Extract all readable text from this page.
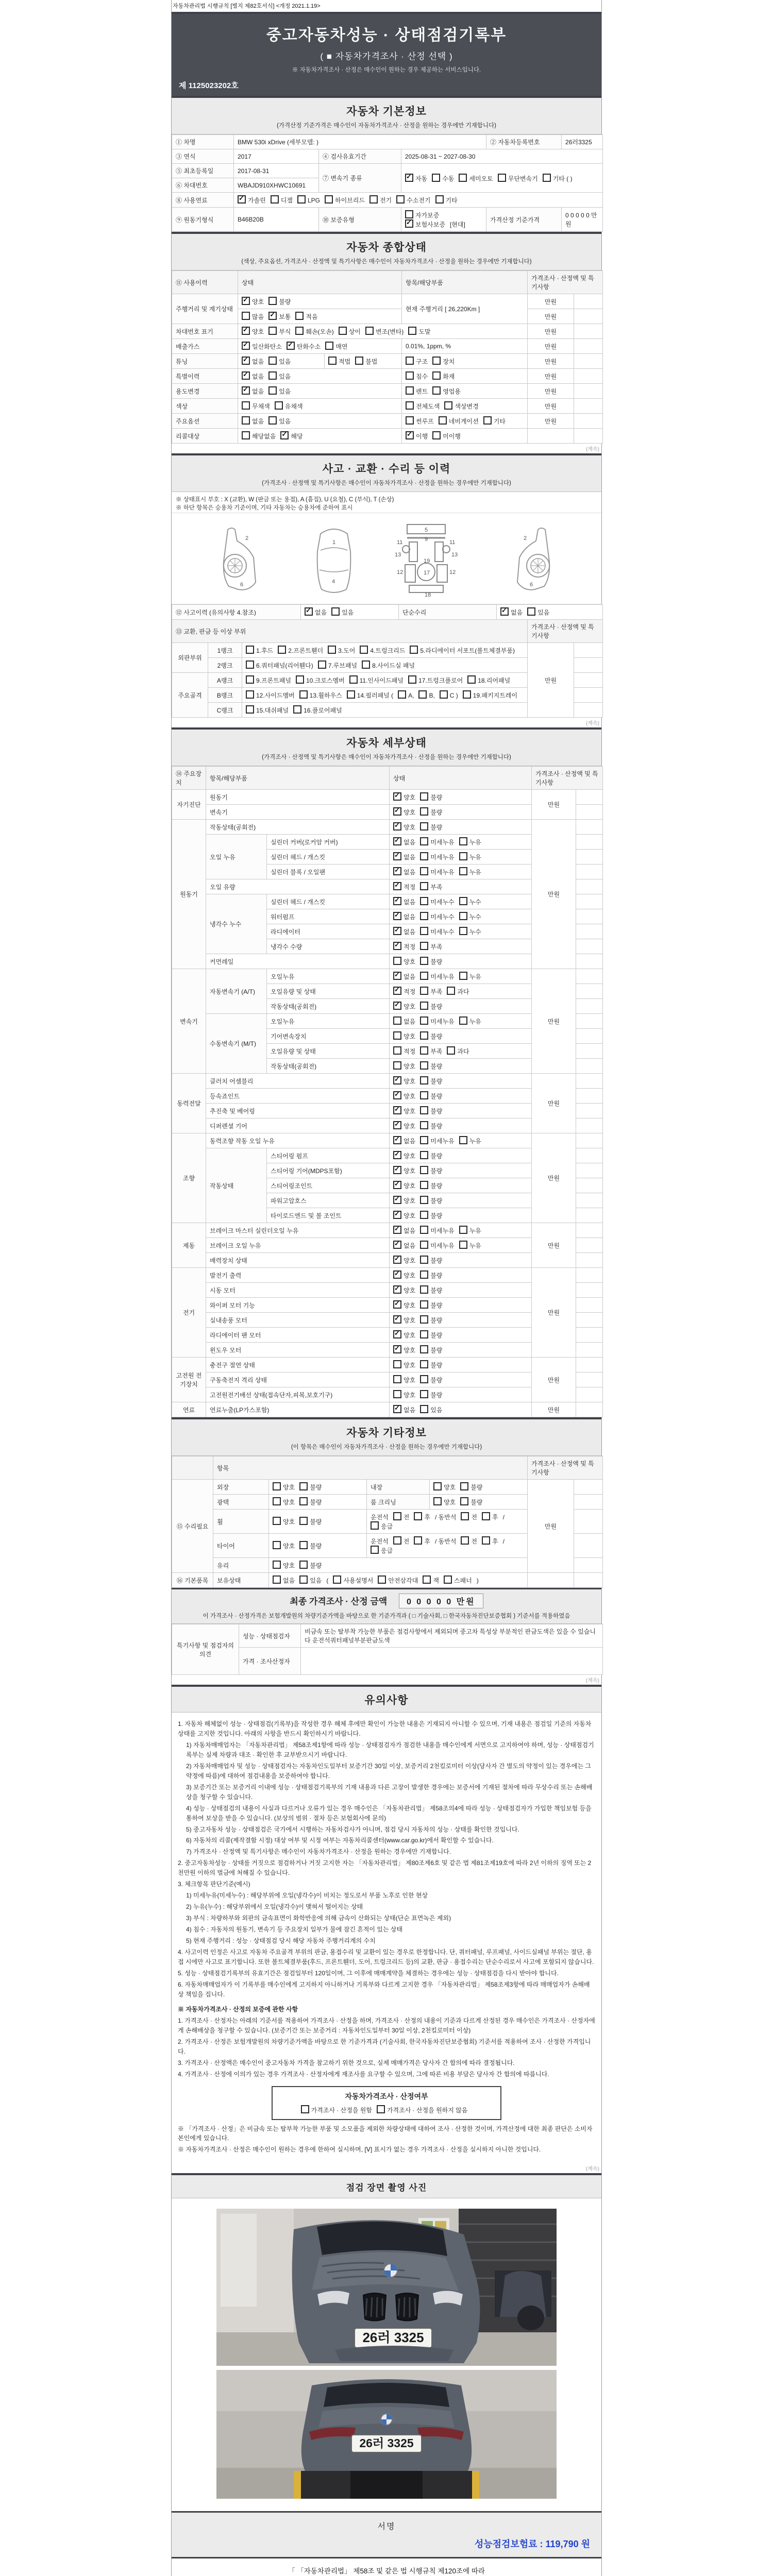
자동차관리법 시행규칙 [별지 제82호서식] <개정 2021.1.19>
중고자동차성능 · 상태점검기록부
( ■ 자동차가격조사 · 산정 선택 )
※ 자동차가격조사 · 산정은 매수인이 원하는 경우 제공하는 서비스입니다.
제 1125023202호
자동차 기본정보
(가격산정 기준가격은 매수인이 자동차가격조사 · 산정을 원하는 경우에만 기재합니다)
① 차명	BMW 530i xDrive (세부모델: )			② 자동차등록번호	26러3325
③ 연식	2017	④ 검사유효기간	2025-08-31 ~ 2027-08-30		
⑤ 최초등록일	2017-08-31	⑦ 변속기 종류	✓자동 수동 세미오토 무단변속기 기타 ( )
⑥ 차대번호	WBAJD910XHWC10691				
⑧ 사용연료	✓가솔린 디젤 LPG 하이브리드 전기 수소전기 기타
⑨ 원동기형식	B46B20B	⑩ 보증유형	자가보증✓보험사보증 [현대]	가격산정 기준가격	0 0 0 0 0 만원
자동차 종합상태
(색상, 주요옵션, 가격조사 · 산정액 및 특기사항은 매수인이 자동차가격조사 · 산정을 원하는 경우에만 기재합니다)
⑪ 사용이력	상태		항목/해당부품	가격조사 · 산정액 및 특기사항	
주행거리 및 계기상태	✓양호 불량		현재 주행거리 [ 26,220Km ]	만원	
	많음 ✓ 보통 적음			만원	
차대번호 표기	✓양호 부식 훼손(오손) 상이 변조(변타) 도말			만원	
배출가스	✓일산화탄소 ✓ 탄화수소 매연		0.01%, 1ppm, %	만원	
튜닝	✓없음 있음	적법 불법	구조 장치	만원	
특별이력	✓없음 있음		침수 화재	만원	
용도변경	✓없음 있음		렌트 영업용	만원	
색상	무채색 유채색		전체도색 색상변경	만원	
주요옵션	없음 있음		썬루프 네비게이션 기타	만원	
리콜대상	해당없음 ✓ 해당	✓이행 미이행		
(계속)
사고 · 교환 · 수리 등 이력
(가격조사 · 산정액 및 특기사항은 매수인이 자동차가격조사 · 산정을 원하는 경우에만 기재합니다)
※ 상태표시 부호 : X (교환), W (판금 또는 용접), A (흠집), U (요철), C (부식), T (손상)
※ 하단 항목은 승용차 기준이며, 기타 자동차는 승용차에 준하여 표시
2
6
1
4
5
9
11	11
13	13
12	12
17
18
19
2
6
⑫ 사고이력 (유의사항 4.참조)	✓없음 있음	단순수리	✓없음 있음
⑬ 교환, 판금 등 이상 부위			가격조사 · 산정액 및 특기사항	
외판부위	1랭크	1.후드 2.프론트휀더 3.도어 4.트렁크리드 5.라디에이터 서포트(볼트체결부품)	만원	
	2랭크	6.쿼터패널(리어휀다) 7.루브패널 8.사이드실 패널		
주요골격	A랭크	9.프론트패널 10.크로스멤버 11.인사이드패널 17.트렁크플로어 18.리어패널		
	B랭크	12.사이드멤버 13.휠하우스 14.필러패널 ( A, B, C ) 19.패키지트레이		
	C랭크	15.대쉬패널 16.플로어패널		
(계속)
자동차 세부상태
(가격조사 · 산정액 및 특기사항은 매수인이 자동차가격조사 · 산정을 원하는 경우에만 기재합니다)
⑭ 주요장치	항목/해당부품		상태	가격조사 · 산정액 및 특기사항	
자기진단	원동기	✓양호 불량	만원	
	변속기	✓양호 불량	
원동기	작동상태(공회전)	✓양호 불량	만원	
	오일 누유	실린더 커버(로커암 커버)	✓없음 미세누유 누유	
		실린더 헤드 / 개스킷	✓없음 미세누유 누유	
		실린더 블록 / 오일팬	✓없음 미세누유 누유	
	오일 유량	✓적정 부족	
	냉각수 누수	실린더 헤드 / 개스킷	✓없음 미세누수 누수	
		워터펌프	✓없음 미세누수 누수	
		라디에이터	✓없음 미세누수 누수	
		냉각수 수량	✓적정 부족	
	커먼레일		양호 불량		
변속기	자동변속기 (A/T)	오일누유	✓없음 미세누유 누유	만원	
		오일유량 및 상태	✓적정 부족 과다	
		작동상태(공회전)	✓양호 불량	
	수동변속기 (M/T)	오일누유	없음 미세누유 누유		
		기어변속장치	양호 불량		
		오일유량 및 상태	적정 부족 과다		
		작동상태(공회전)	양호 불량		
동력전달	클러치 어셈블리	✓양호 불량	만원	
	등속죠인트	✓양호 불량	
	추진축 및 베어링	✓양호 불량	
	디퍼렌셜 기어	✓양호 불량	
조향	동력조향 작동 오일 누유	✓없음 미세누유 누유	만원	
	작동상태	스티어링 펌프	✓양호 불량	
		스티어링 기어(MDPS포함)	✓양호 불량	
		스티어링조인트	✓양호 불량	
		파워고압호스	✓양호 불량	
		타이로드엔드 및 볼 조인트	✓양호 불량	
제동	브레이크 마스터 실린더오일 누유	✓없음 미세누유 누유	만원	
	브레이크 오일 누유	✓없음 미세누유 누유	
	배력장치 상태	✓양호 불량	
전기	발전기 출력	✓양호 불량	만원	
	시동 모터	✓양호 불량	
	와이퍼 모터 기능	✓양호 불량	
	실내송풍 모터	✓양호 불량	
	라디에이터 팬 모터	✓양호 불량	
	윈도우 모터	✓양호 불량	
고전원 전기장치	충전구 절연 상태		양호 불량	만원	
	구동축전지 격리 상태		양호 불량		
	고전원전기배선 상태(접속단자,피복,보호기구)		양호 불량		
연료	연료누출(LP가스포함)	✓없음 있음	만원	
자동차 기타정보
(이 항목은 매수인이 자동차가격조사 · 산정을 원하는 경우에만 기재합니다)
	항목				가격조사 · 산정액 및 특기사항	
⑮ 수리필요	외장	양호 불량	내장	양호 불량	만원	
	광택	양호 불량	룸 크리닝	양호 불량		
	휠	양호 불량	운전석 전 후 / 동반석 전 후 /응급			
	타이어	양호 불량	운전석 전 후 / 동반석 전 후 /응급			
	유리	양호 불량				
⑯ 기본품목	보유상태	없음 있음 ( 사용설명서 안전삼각대 잭 스패너 )				
최종 가격조사 · 산정 금액 0 0 0 0 0 만원
이 가격조사 · 산정가격은 보험개발원의 차량기준가액을 바탕으로 한 기준가격과 ( □ 기술사회, □ 한국자동차진단보증협회 ) 기준서를 적용하였음
특기사항 및 점검자의 의견	성능 · 상태점검자	비금속 또는 탈부착 가능한 부품은 점검사항에서 제외되며 중고차 특성상 부분적인 판금도색은 있을 수 있습니다 운전석쿼터패널부분판금도색
	가격 · 조사산정자	
(계속)
유의사항
1. 자동차 해체없이 성능 · 상태점검(기록부)을 작성한 경우 해체 후에만 확인이 가능한 내용은 기재되지 아니할 수 있으며, 기재 내용은 점검일 기준의 자동차 상태를 고지한 것입니다. 아래의 사항을 반드시 확인하시기 바랍니다.
1) 자동차매매업자는 「자동차관리법」 제58조제1항에 따라 성능 · 상태점검자가 점검한 내용을 매수인에게 서면으로 고지하여야 하며, 성능 · 상태점검기록부는 실제 차량과 대조 · 확인한 후 교부받으시기 바랍니다.
2) 자동차매매업자 및 성능 · 상태점검자는 자동차인도일부터 보증기간 30일 이상, 보증거리 2천킬로미터 이상(당사자 간 별도의 약정이 있는 경우에는 그 약정에 따름)에 대하여 점검내용을 보증하여야 합니다.
3) 보증기간 또는 보증거리 이내에 성능 · 상태점검기록부의 기재 내용과 다른 고장이 발생한 경우에는 보증서에 기재된 절차에 따라 무상수리 또는 손해배상을 청구할 수 있습니다.
4) 성능 · 상태점검의 내용이 사실과 다르거나 오류가 있는 경우 매수인은 「자동차관리법」 제58조의4에 따라 성능 · 상태점검자가 가입한 책임보험 등을 통하여 보상을 받을 수 있습니다. (보상의 범위 · 절차 등은 보험회사에 문의)
5) 중고자동차 성능 · 상태점검은 국가에서 시행하는 자동차검사가 아니며, 점검 당시 자동차의 성능 · 상태를 확인한 것입니다.
6) 자동차의 리콜(제작결함 시정) 대상 여부 및 시정 여부는 자동차리콜센터(www.car.go.kr)에서 확인할 수 있습니다.
7) 가격조사 · 산정액 및 특기사항은 매수인이 자동차가격조사 · 산정을 원하는 경우에만 기재합니다.
2. 중고자동차성능 · 상태를 거짓으로 점검하거나 거짓 고지한 자는 「자동차관리법」 제80조제6호 및 같은 법 제81조제19호에 따라 2년 이하의 징역 또는 2천만원 이하의 벌금에 처해질 수 있습니다.
3. 체크항목 판단기준(예시)
1) 미세누유(미세누수) : 해당부위에 오일(냉각수)이 비치는 정도로서 부품 노후로 인한 현상
2) 누유(누수) : 해당부위에서 오일(냉각수)이 맺혀서 떨어지는 상태
3) 부식 : 차량하부와 외판의 금속표면이 화학반응에 의해 금속이 산화되는 상태(단순 표면녹은 제외)
4) 침수 : 자동차의 원동기, 변속기 등 주요장치 일부가 물에 잠긴 흔적이 있는 상태
5) 현재 주행거리 : 성능 · 상태점검 당시 해당 자동차 주행거리계의 수치
4. 사고이력 인정은 사고로 자동차 주요골격 부위의 판금, 용접수리 및 교환이 있는 경우로 한정합니다. 단, 쿼터패널, 루프패널, 사이드실패널 부위는 절단, 용접 시에만 사고로 표기합니다. 또한 볼트체결부품(후드, 프론트휀더, 도어, 트렁크리드 등)의 교환, 판금 · 용접수리는 단순수리로서 사고에 포함되지 않습니다.
5. 성능 · 상태점검기록부의 유효기간은 점검일부터 120일이며, 그 이후에 매매계약을 체결하는 경우에는 성능 · 상태점검을 다시 받아야 합니다.
6. 자동차매매업자가 이 기록부를 매수인에게 고지하지 아니하거나 기록부와 다르게 고지한 경우 「자동차관리법」 제58조제3항에 따라 매매업자가 손해배상 책임을 집니다.
※ 자동차가격조사 · 산정의 보증에 관한 사항
1. 가격조사 · 산정자는 아래의 기준서를 적용하여 가격조사 · 산정을 하며, 가격조사 · 산정의 내용이 기준과 다르게 산정된 경우 매수인은 가격조사 · 산정자에게 손해배상을 청구할 수 있습니다. (보증기간 또는 보증거리 : 자동차인도일부터 30일 이상, 2천킬로미터 이상)
2. 가격조사 · 산정은 보험개발원의 차량기준가액을 바탕으로 한 기준가격과 (기술사회, 한국자동차진단보증협회) 기준서를 적용하여 조사 · 산정한 가격입니다.
3. 가격조사 · 산정액은 매수인이 중고자동차 가격을 참고하기 위한 것으로, 실제 매매가격은 당사자 간 합의에 따라 결정됩니다.
4. 가격조사 · 산정에 이의가 있는 경우 가격조사 · 산정자에게 재조사를 요구할 수 있으며, 그에 따른 비용 부담은 당사자 간 합의에 따릅니다.
자동차가격조사 · 산정여부
가격조사 · 산정을 원함 가격조사 · 산정을 원하지 않음
※ 「가격조사 · 산정」은 비금속 또는 탈부착 가능한 부품 및 소모품을 제외한 차량상태에 대하여 조사 · 산정한 것이며, 가격산정에 대한 최종 판단은 소비자 본인에게 있습니다.
※ 자동차가격조사 · 산정은 매수인이 원하는 경우에 한하여 실시하며, [Ⅴ] 표시가 없는 경우 가격조사 · 산정을 실시하지 아니한 것입니다.
(계속)
점검 장면 촬영 사진
26러 3325
26러 3325
서명
성능점검보험료 : 119,790 원
「 「자동차관리법」 제58조 및 같은 법 시행규칙 제120조에 따라
